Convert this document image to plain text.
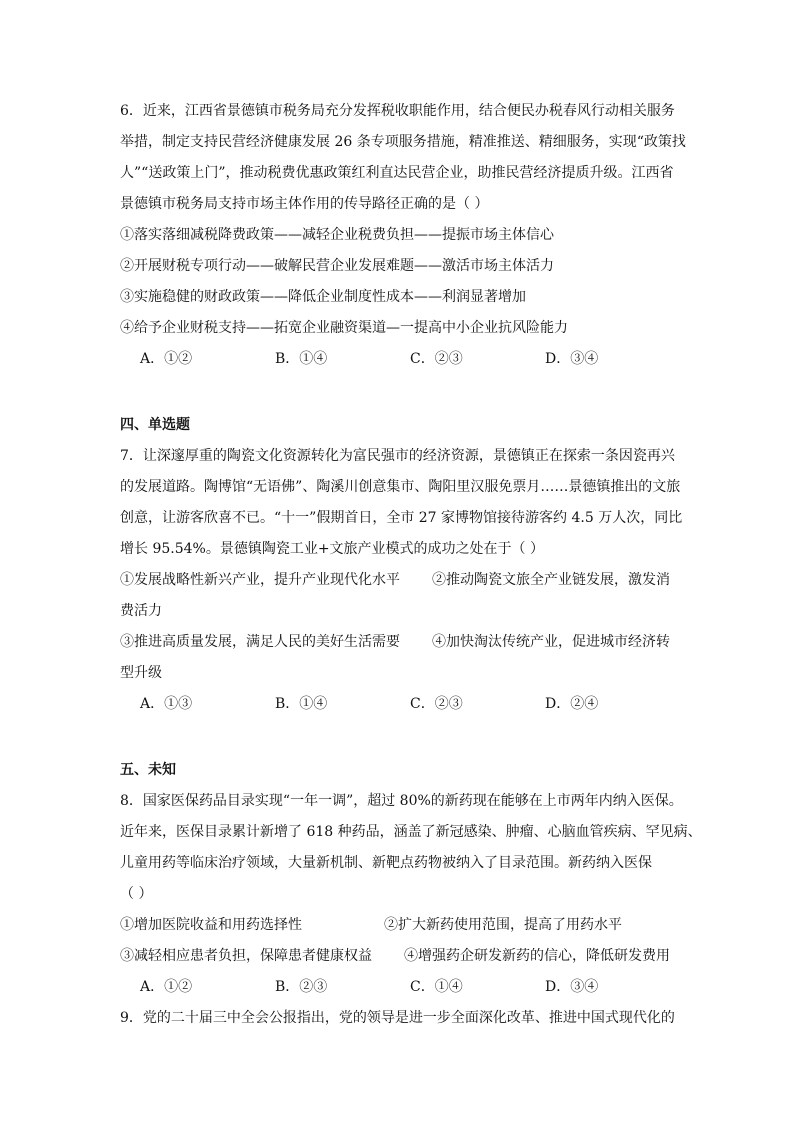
6．近来，江西省景德镇市税务局充分发挥税收职能作用，结合便民办税春风行动相关服务

举措，制定支持民营经济健康发展 26 条专项服务措施，精准推送、精细服务，实现“政策找

人”“送政策上门”，推动税费优惠政策红利直达民营企业，助推民营经济提质升级。江西省

景德镇市税务局支持市场主体作用的传导路径正确的是（ ）

①落实落细减税降费政策——减轻企业税费负担——提振市场主体信心

②开展财税专项行动——破解民营企业发展难题——激活市场主体活力

③实施稳健的财政政策——降低企业制度性成本——利润显著增加

④给予企业财税支持——拓宽企业融资渠道—一提高中小企业抗风险能力

A．①②	B．①④	C．②③	D．③④

四、单选题

7．让深邃厚重的陶瓷文化资源转化为富民强市的经济资源，景德镇正在探索一条因瓷再兴

的发展道路。陶博馆“无语佛”、陶溪川创意集市、陶阳里汉服免票月……景德镇推出的文旅

创意，让游客欣喜不已。“十一”假期首日，全市 27 家博物馆接待游客约 4.5 万人次，同比

增长 95.54%。景德镇陶瓷工业+文旅产业模式的成功之处在于（ ）

①发展战略性新兴产业，提升产业现代化水平	②推动陶瓷文旅全产业链发展，激发消

费活力

③推进高质量发展，满足人民的美好生活需要	④加快淘汰传统产业，促进城市经济转

型升级

A．①③	B．①④	C．②③	D．②④

五、未知

8．国家医保药品目录实现“一年一调”，超过 80%的新药现在能够在上市两年内纳入医保。

近年来，医保目录累计新增了 618 种药品，涵盖了新冠感染、肿瘤、心脑血管疾病、罕见病、

儿童用药等临床治疗领域，大量新机制、新靶点药物被纳入了目录范围。新药纳入医保

（ ）

①增加医院收益和用药选择性	②扩大新药使用范围，提高了用药水平
③减轻相应患者负担，保障患者健康权益	④增强药企研发新药的信心，降低研发费用
A．①②	B．②③	C．①④	D．③④

9．党的二十届三中全会公报指出，党的领导是进一步全面深化改革、推进中国式现代化的
